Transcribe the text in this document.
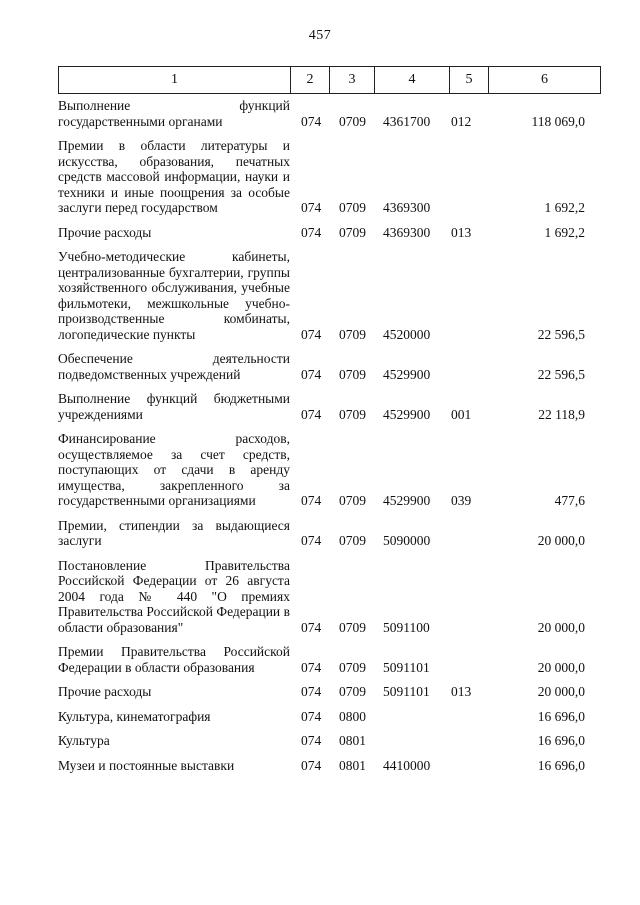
457
1	2	3	4	5	6
Выполнение функций государственными органами	074 0709 4361700 012	118 069,0
Премии в области литературы и искусства, образования, печатных средств массовой информации, науки и техники и иные поощрения за особые заслуги перед государством	074 0709 4369300	1 692,2
Прочие расходы	074 0709 4369300 013	1 692,2
Учебно-методические кабинеты, централизованные бухгалтерии, группы хозяйственного обслуживания, учебные фильмотеки, межшкольные учебно-производственные комбинаты, логопедические пункты	074 0709 4520000	22 596,5
Обеспечение деятельности подведомственных учреждений	074 0709 4529900	22 596,5
Выполнение функций бюджетными учреждениями	074 0709 4529900 001	22 118,9
Финансирование расходов, осуществляемое за счет средств, поступающих от сдачи в аренду имущества, закрепленного за государственными организациями	074 0709 4529900 039	477,6
Премии, стипендии за выдающиеся заслуги	074 0709 5090000	20 000,0
Постановление Правительства Российской Федерации от 26 августа 2004 года № 440 "О премиях Правительства Российской Федерации в области образования"	074 0709 5091100	20 000,0
Премии Правительства Российской Федерации в области образования	074 0709 5091101	20 000,0
Прочие расходы	074 0709 5091101 013	20 000,0
Культура, кинематография	074 0800	16 696,0
Культура	074 0801	16 696,0
Музеи и постоянные выставки	074 0801 4410000	16 696,0
